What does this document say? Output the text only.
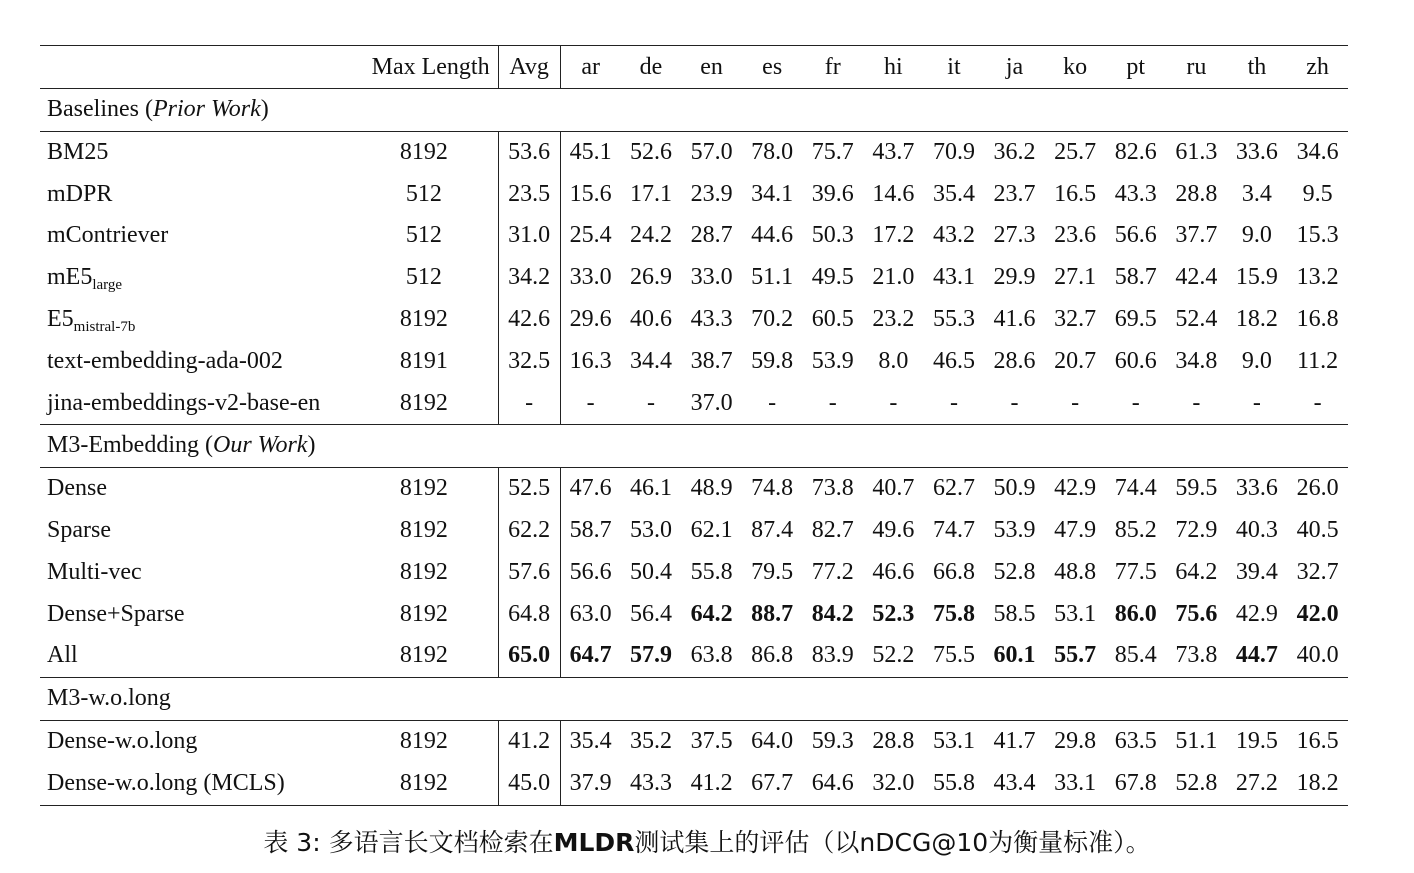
	Max Length	Avg	ar	de	en	es	fr	hi	it	ja	ko	pt	ru	th	zh
Baselines (Prior Work)															
BM25	8192	53.6	45.1	52.6	57.0	78.0	75.7	43.7	70.9	36.2	25.7	82.6	61.3	33.6	34.6
mDPR	512	23.5	15.6	17.1	23.9	34.1	39.6	14.6	35.4	23.7	16.5	43.3	28.8	3.4	9.5
mContriever	512	31.0	25.4	24.2	28.7	44.6	50.3	17.2	43.2	27.3	23.6	56.6	37.7	9.0	15.3
$mE5_{large}$	512	34.2	33.0	26.9	33.0	51.1	49.5	21.0	43.1	29.9	27.1	58.7	42.4	15.9	13.2
$E5_{mistral-7b}$	8192	42.6	29.6	40.6	43.3	70.2	60.5	23.2	55.3	41.6	32.7	69.5	52.4	18.2	16.8
text-embedding-ada-002	8191	32.5	16.3	34.4	38.7	59.8	53.9	8.0	46.5	28.6	20.7	60.6	34.8	9.0	11.2
jina-embeddings-v2-base-en	8192	-	-	-	37.0	-	-	-	-	-	-	-	-	-	-
M3-Embedding (Our Work)															
Dense	8192	52.5	47.6	46.1	48.9	74.8	73.8	40.7	62.7	50.9	42.9	74.4	59.5	33.6	26.0
Sparse	8192	62.2	58.7	53.0	62.1	87.4	82.7	49.6	74.7	53.9	47.9	85.2	72.9	40.3	40.5
Multi-vec	8192	57.6	56.6	50.4	55.8	79.5	77.2	46.6	66.8	52.8	48.8	77.5	64.2	39.4	32.7
Dense+Sparse	8192	64.8	63.0	56.4	64.2	88.7	84.2	52.3	75.8	58.5	53.1	86.0	75.6	42.9	42.0
All	8192	65.0	64.7	57.9	63.8	86.8	83.9	52.2	75.5	60.1	55.7	85.4	73.8	44.7	40.0
M3-w.o.long															
Dense-w.o.long	8192	41.2	35.4	35.2	37.5	64.0	59.3	28.8	53.1	41.7	29.8	63.5	51.1	19.5	16.5
Dense-w.o.long (MCLS)	8192	45.0	37.9	43.3	41.2	67.7	64.6	32.0	55.8	43.4	33.1	67.8	52.8	27.2	18.2
表 3: 多语言长文档检索在MLDR测试集上的评估（以nDCG@10为衡量标准）。
